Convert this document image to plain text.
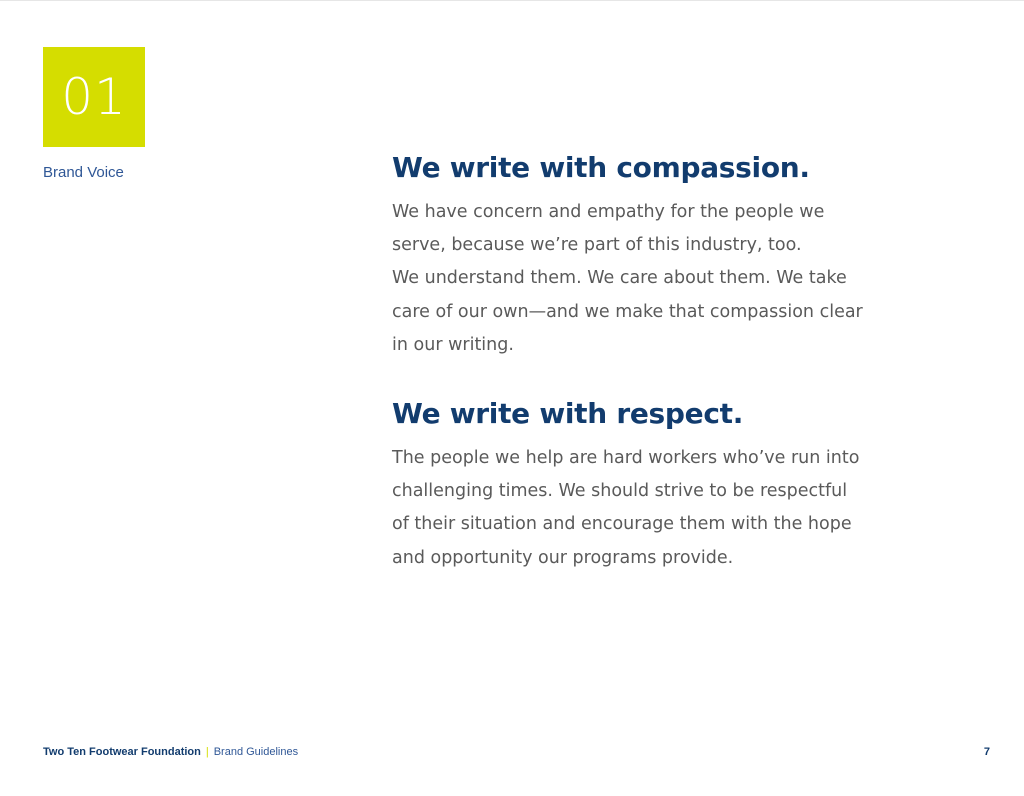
01
Brand Voice	We write with compassion.

We have concern and empathy for the people we
serve, because we’re part of this industry, too.
We understand them. We care about them. We take
care of our own—and we make that compassion clear
in our writing.

We write with respect.

The people we help are hard workers who’ve run into
challenging times. We should strive to be respectful
of their situation and encourage them with the hope
and opportunity our programs provide.

Two Ten Footwear Foundation | Brand Guidelines	7
